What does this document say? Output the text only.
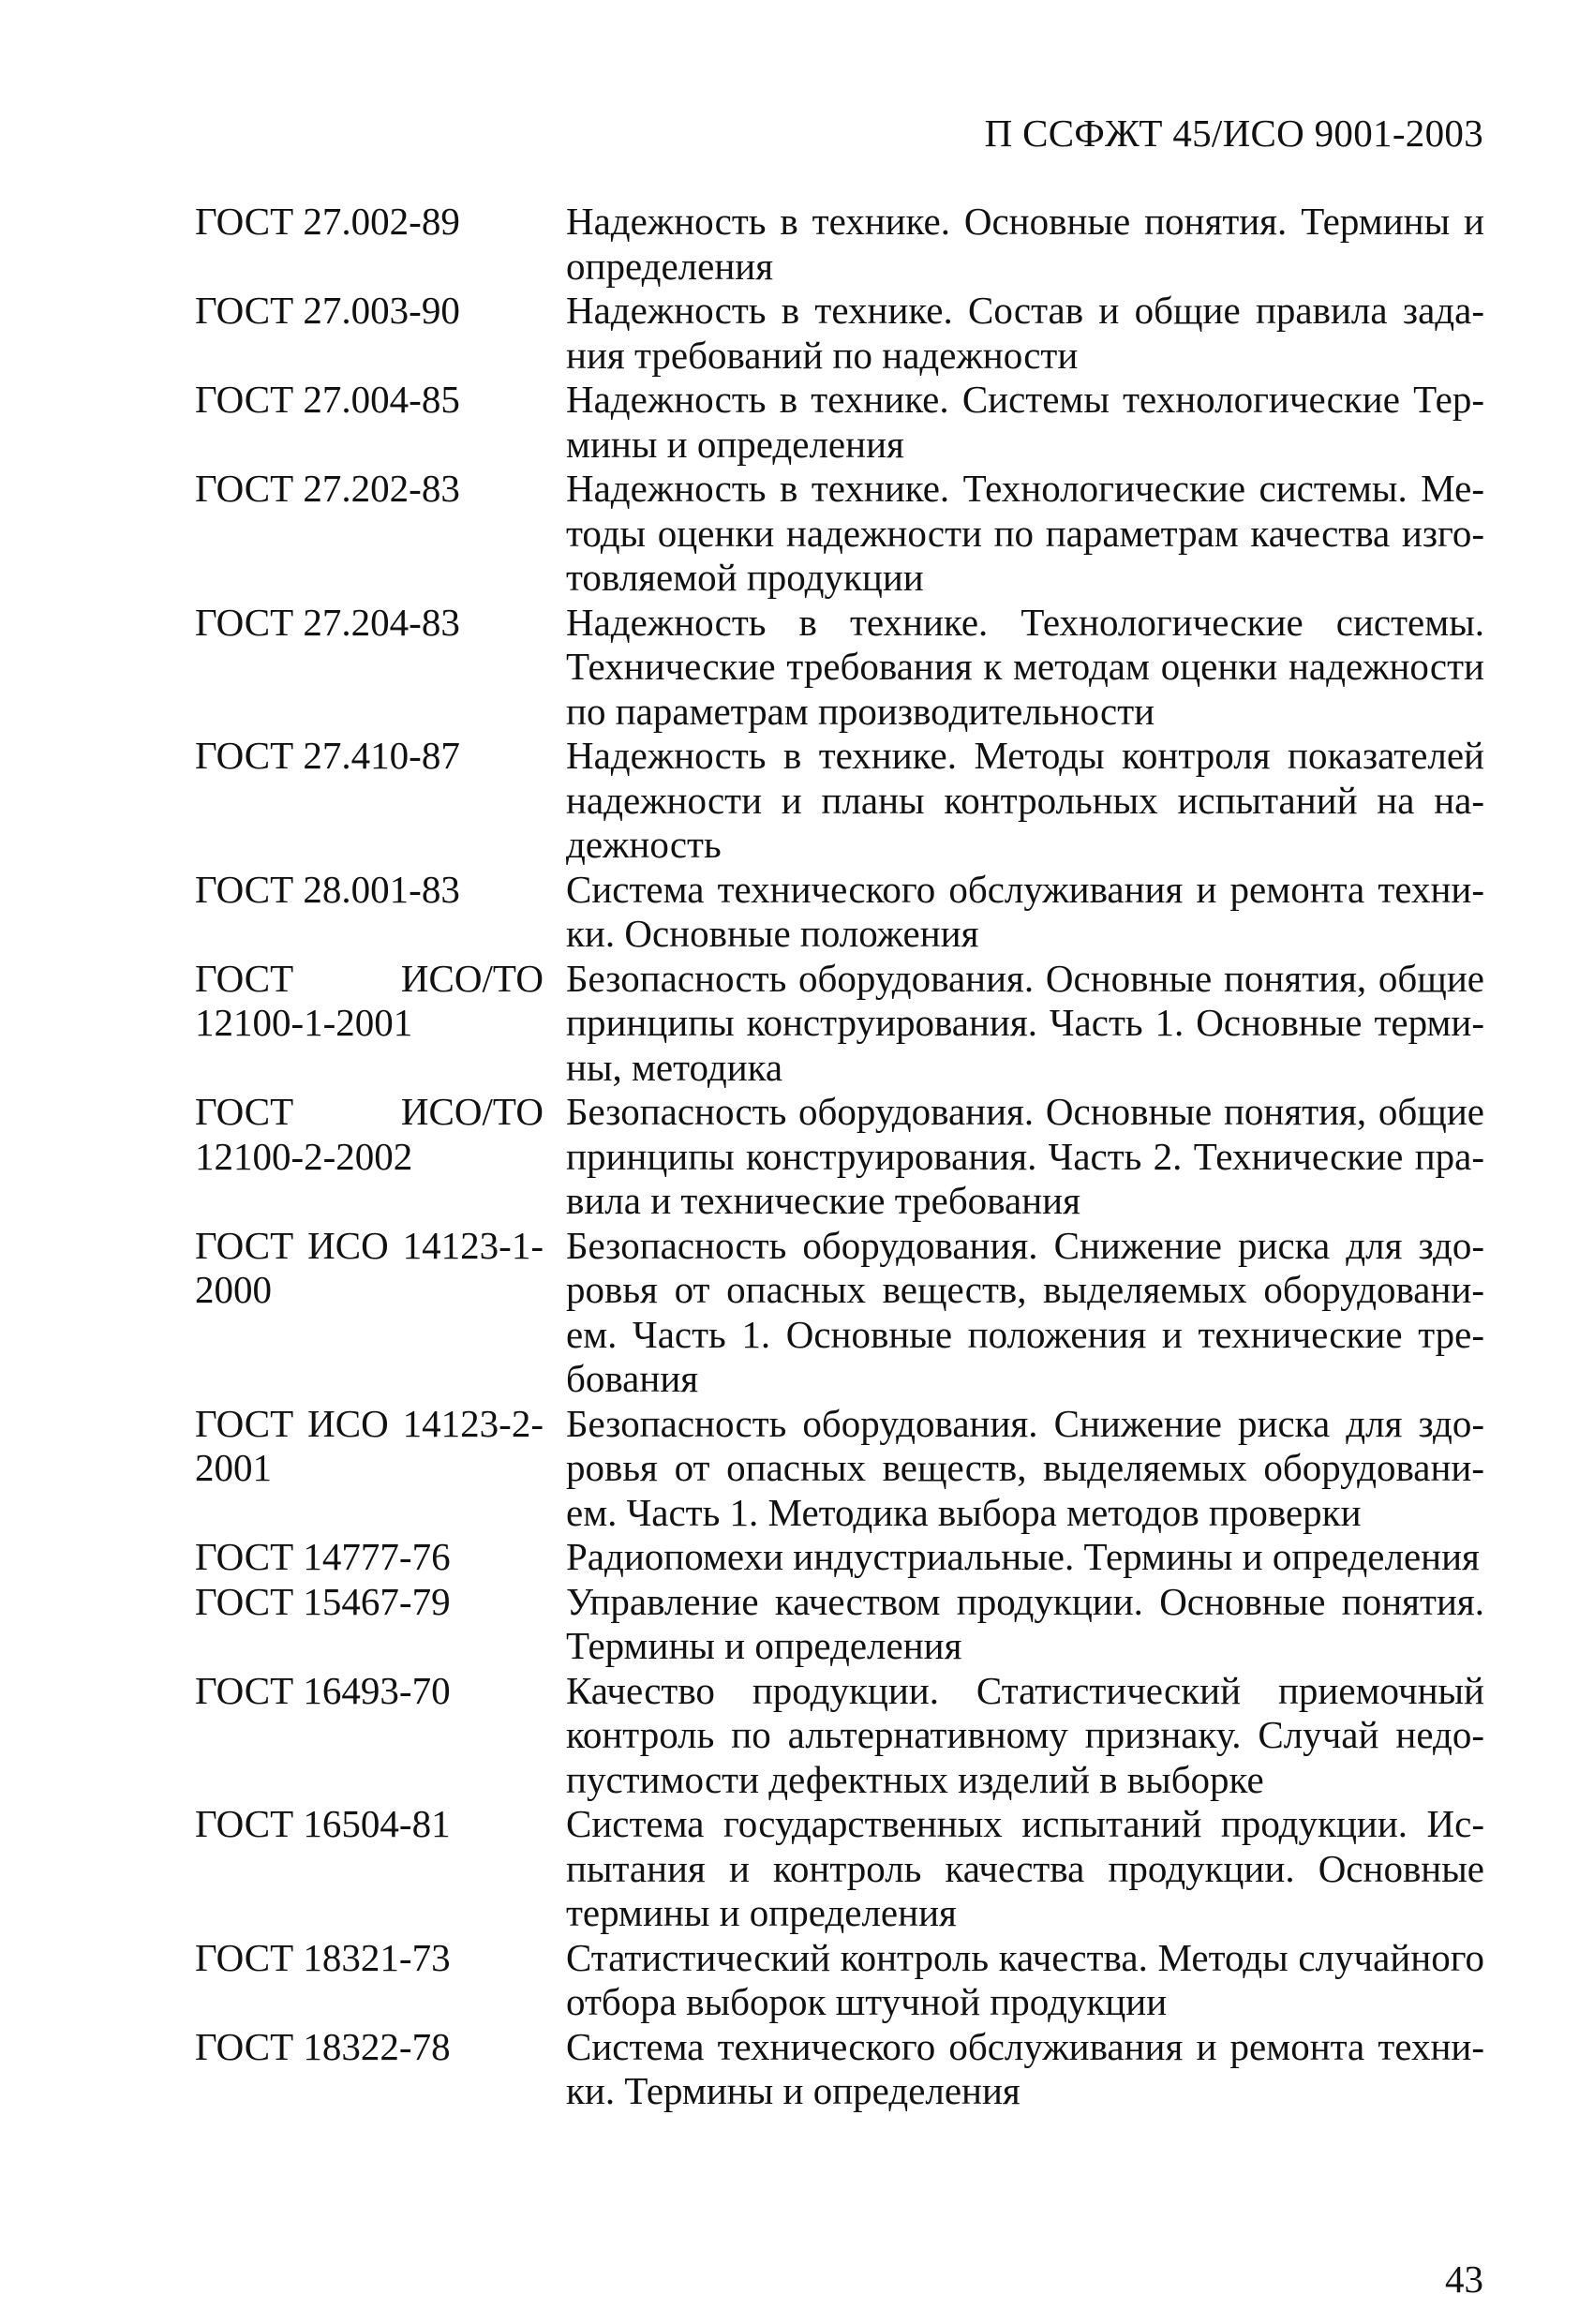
П ССФЖТ 45/ИСО 9001-2003
ГОСТ 27.002-89	Надежность в технике. Основные понятия. Термины и определения
ГОСТ 27.003-90	Надежность в технике. Состав и общие правила задания требований по надежности
ГОСТ 27.004-85	Надежность в технике. Системы технологические Термины и определения
ГОСТ 27.202-83	Надежность в технике. Технологические системы. Методы оценки надежности по параметрам качества изготовляемой продукции
ГОСТ 27.204-83	Надежность в технике. Технологические системы. Технические требования к методам оценки надежности по параметрам производительности
ГОСТ 27.410-87	Надежность в технике. Методы контроля показателей надежности и планы контрольных испытаний на надежность
ГОСТ 28.001-83	Система технического обслуживания и ремонта техники. Основные положения
ГОСТ ИСО/ТО 12100-1-2001	Безопасность оборудования. Основные понятия, общие принципы конструирования. Часть 1. Основные термины, методика
ГОСТ ИСО/ТО 12100-2-2002	Безопасность оборудования. Основные понятия, общие принципы конструирования. Часть 2. Технические правила и технические требования
ГОСТ ИСО 14123-1-2000	Безопасность оборудования. Снижение риска для здоровья от опасных веществ, выделяемых оборудованием. Часть 1. Основные положения и технические требования
ГОСТ ИСО 14123-2-2001	Безопасность оборудования. Снижение риска для здоровья от опасных веществ, выделяемых оборудованием. Часть 1. Методика выбора методов проверки
ГОСТ 14777-76	Радиопомехи индустриальные. Термины и определения
ГОСТ 15467-79	Управление качеством продукции. Основные понятия. Термины и определения
ГОСТ 16493-70	Качество продукции. Статистический приемочный контроль по альтернативному признаку. Случай недопустимости дефектных изделий в выборке
ГОСТ 16504-81	Система государственных испытаний продукции. Испытания и контроль качества продукции. Основные термины и определения
ГОСТ 18321-73	Статистический контроль качества. Методы случайного отбора выборок штучной продукции
ГОСТ 18322-78	Система технического обслуживания и ремонта техники. Термины и определения
43
